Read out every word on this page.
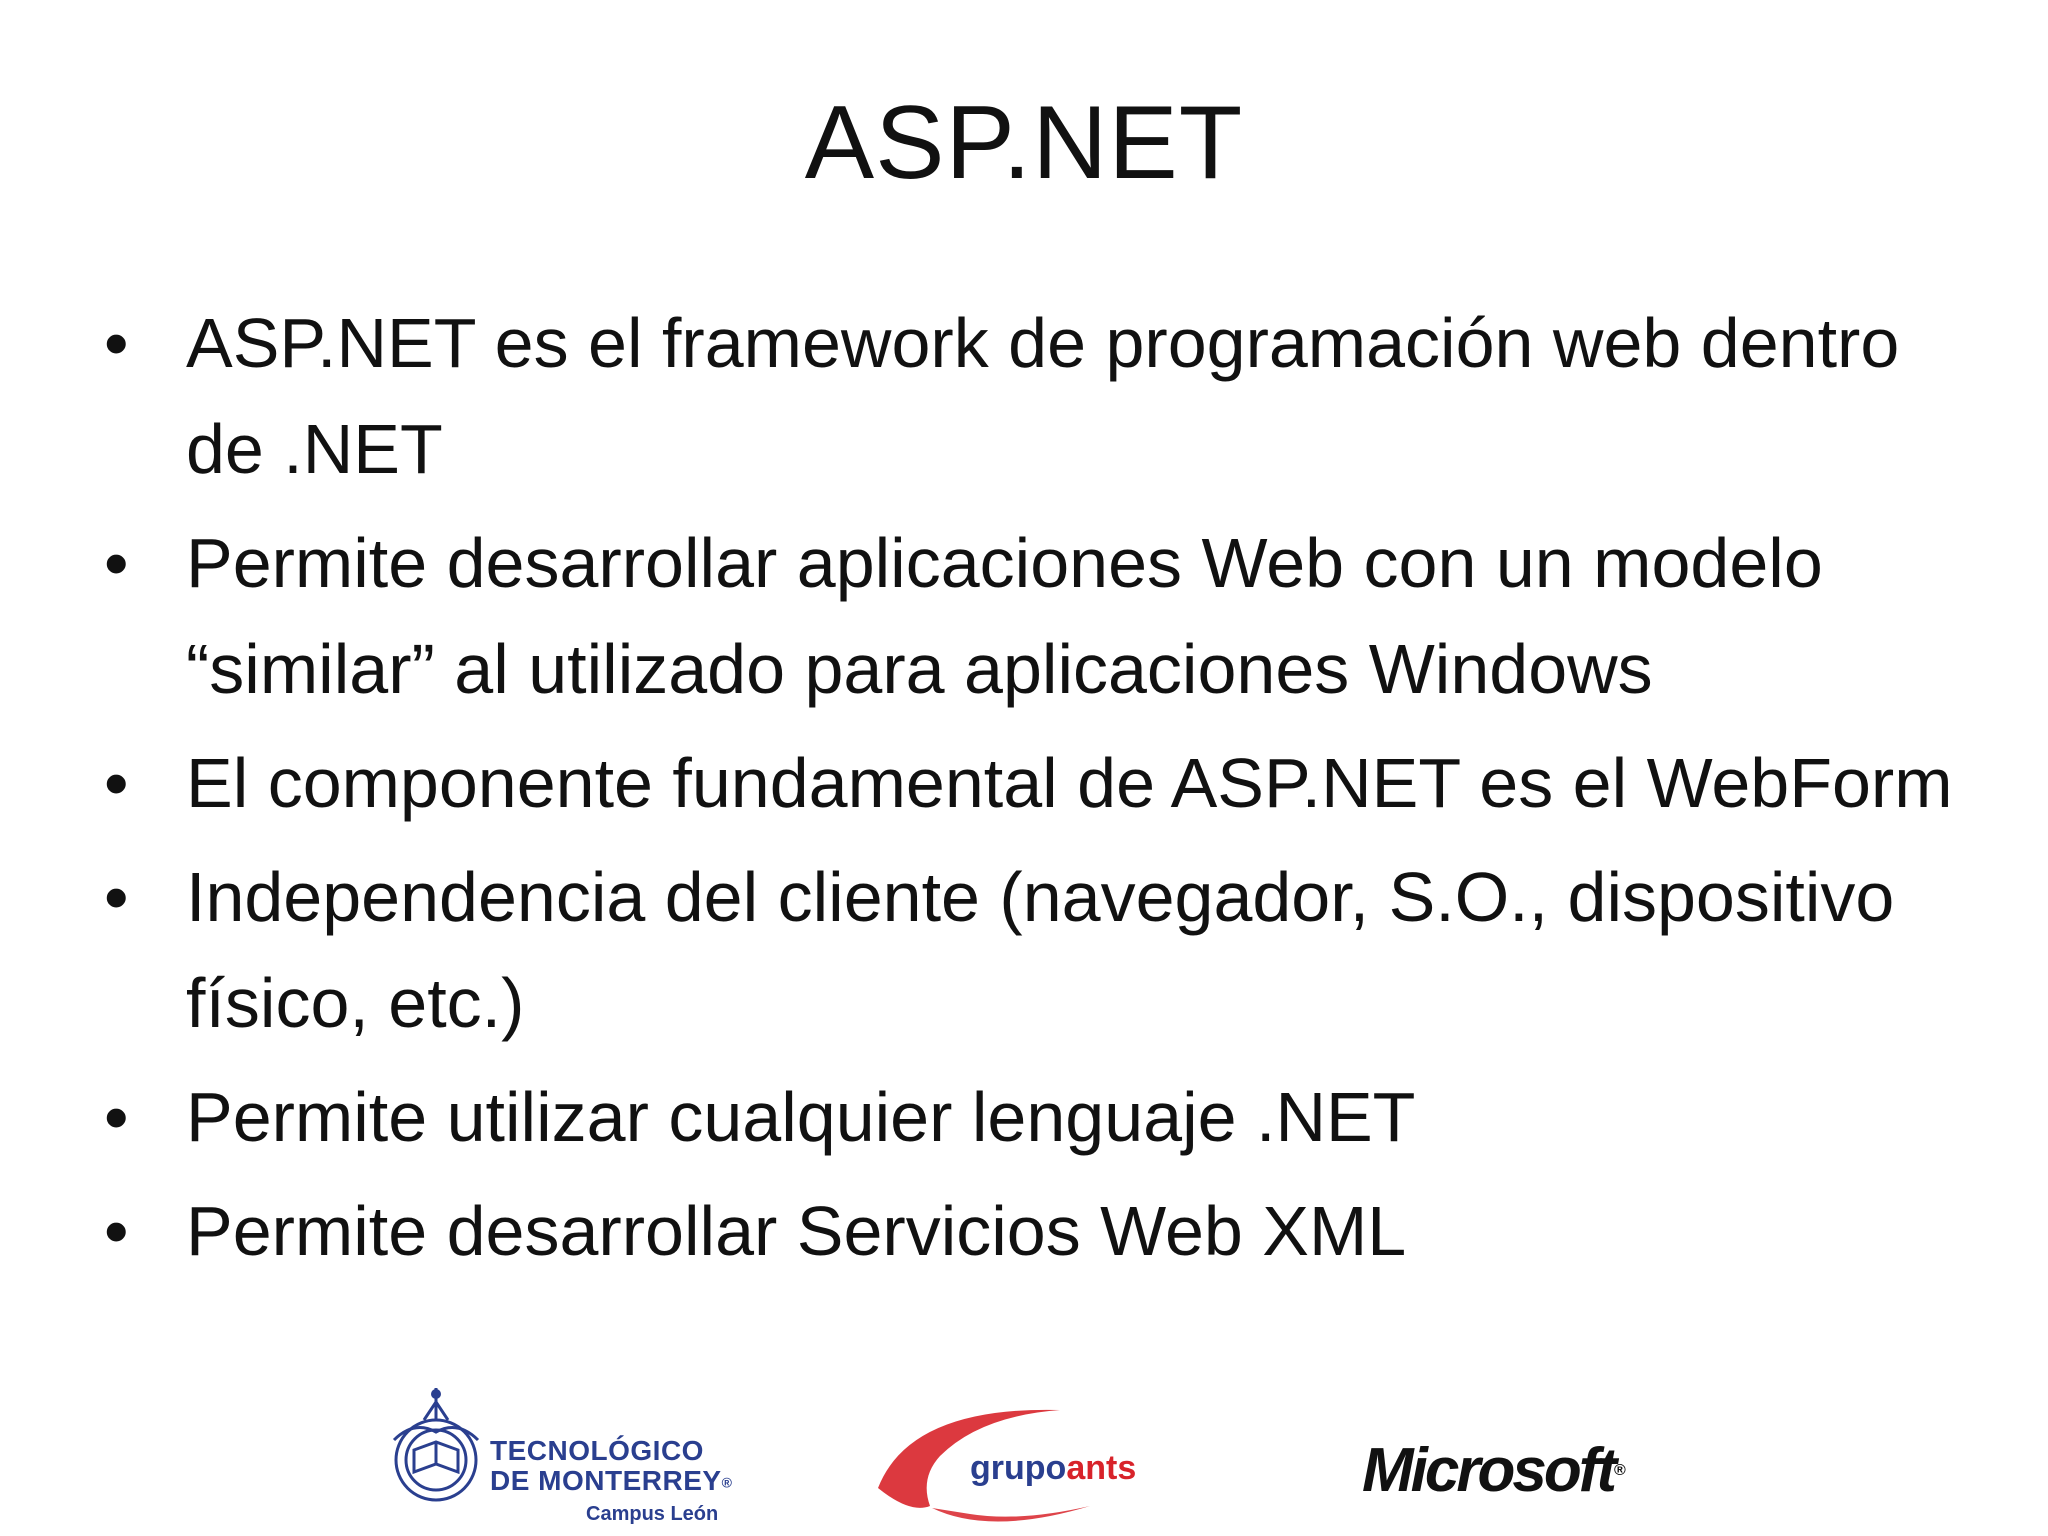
ASP.NET
• ASP.NET es el framework de programación web dentro
de .NET
• Permite desarrollar aplicaciones Web con un modelo
“similar” al utilizado para aplicaciones Windows
• El componente fundamental de ASP.NET es el WebForm
• Independencia del cliente (navegador, S.O., dispositivo
físico, etc.)
• Permite utilizar cualquier lenguaje .NET
• Permite desarrollar Servicios Web XML
TECNOLÓGICO
DE MONTERREY®
Campus León
grupoants	Microsoft®
